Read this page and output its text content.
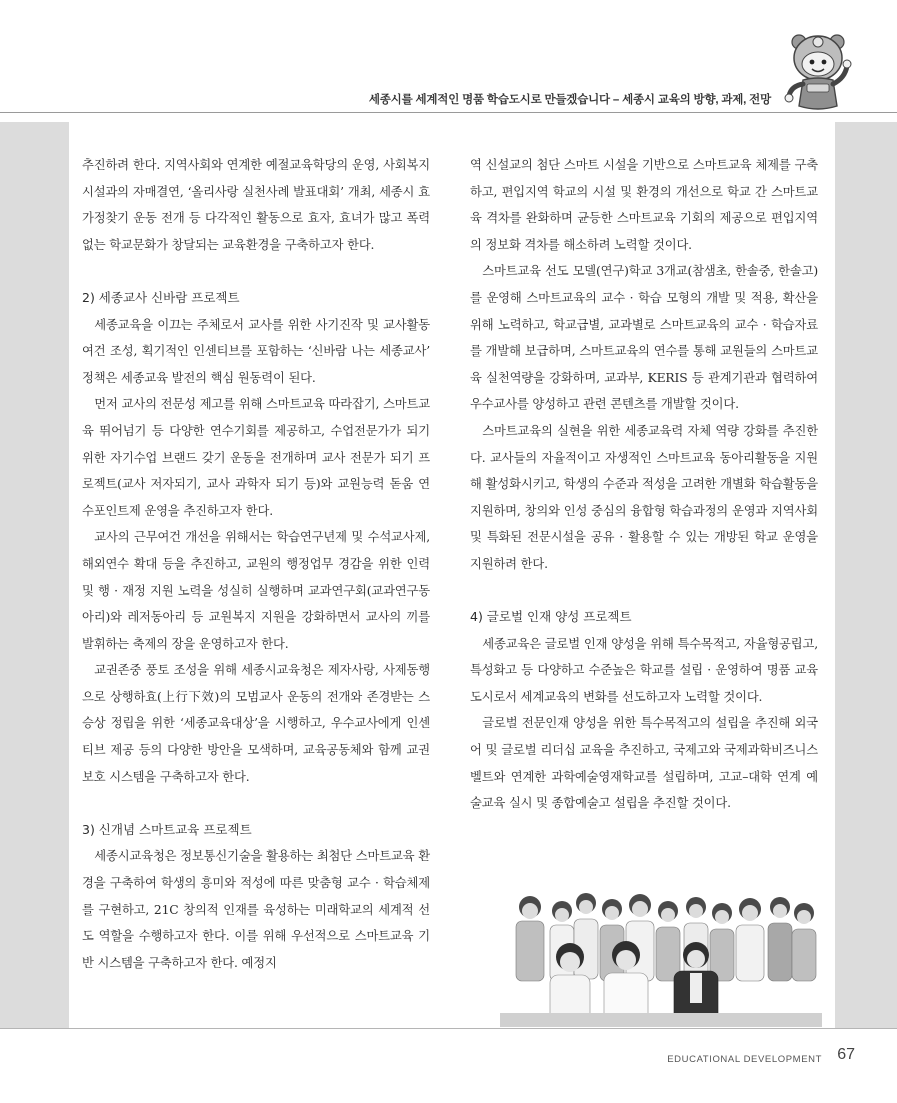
세종시를 세계적인 명품 학습도시로 만들겠습니다 – 세종시 교육의 방향, 과제, 전망

추진하려 한다. 지역사회와 연계한 예절교육학당의 운영, 사회복지시설과의 자매결연, ‘올리사랑 실천사례 발표대회’ 개최, 세종시 효가정찾기 운동 전개 등 다각적인 활동으로 효자, 효녀가 많고 폭력없는 학교문화가 창달되는 교육환경을 구축하고자 한다.

2) 세종교사 신바람 프로젝트

세종교육을 이끄는 주체로서 교사를 위한 사기진작 및 교사활동 여건 조성, 획기적인 인센티브를 포함하는 ‘신바람 나는 세종교사’ 정책은 세종교육 발전의 핵심 원동력이 된다.

먼저 교사의 전문성 제고를 위해 스마트교육 따라잡기, 스마트교육 뛰어넘기 등 다양한 연수기회를 제공하고, 수업전문가가 되기 위한 자기수업 브랜드 갖기 운동을 전개하며 교사 전문가 되기 프로젝트(교사 저자되기, 교사 과학자 되기 등)와 교원능력 돋움 연수포인트제 운영을 추진하고자 한다.

교사의 근무여건 개선을 위해서는 학습연구년제 및 수석교사제, 해외연수 확대 등을 추진하고, 교원의 행정업무 경감을 위한 인력 및 행 · 재정 지원 노력을 성실히 실행하며 교과연구회(교과연구동아리)와 레저동아리 등 교원복지 지원을 강화하면서 교사의 끼를 발휘하는 축제의 장을 운영하고자 한다.

교권존중 풍토 조성을 위해 세종시교육청은 제자사랑, 사제동행으로 상행하효(上行下效)의 모범교사 운동의 전개와 존경받는 스승상 정립을 위한 ‘세종교육대상’을 시행하고, 우수교사에게 인센티브 제공 등의 다양한 방안을 모색하며, 교육공동체와 함께 교권보호 시스템을 구축하고자 한다.

3) 신개념 스마트교육 프로젝트

세종시교육청은 정보통신기술을 활용하는 최첨단 스마트교육 환경을 구축하여 학생의 흥미와 적성에 따른 맞춤형 교수 · 학습체제를 구현하고, 21C 창의적 인재를 육성하는 미래학교의 세계적 선도 역할을 수행하고자 한다. 이를 위해 우선적으로 스마트교육 기반 시스템을 구축하고자 한다. 예정지

역 신설교의 첨단 스마트 시설을 기반으로 스마트교육 체제를 구축하고, 편입지역 학교의 시설 및 환경의 개선으로 학교 간 스마트교육 격차를 완화하며 균등한 스마트교육 기회의 제공으로 편입지역의 정보화 격차를 해소하려 노력할 것이다.

스마트교육 선도 모델(연구)학교 3개교(참샘초, 한솔중, 한솔고)를 운영해 스마트교육의 교수 · 학습 모형의 개발 및 적용, 확산을 위해 노력하고, 학교급별, 교과별로 스마트교육의 교수 · 학습자료를 개발해 보급하며, 스마트교육의 연수를 통해 교원들의 스마트교육 실천역량을 강화하며, 교과부, KERIS 등 관계기관과 협력하여 우수교사를 양성하고 관련 콘텐츠를 개발할 것이다.

스마트교육의 실현을 위한 세종교육력 자체 역량 강화를 추진한다. 교사들의 자율적이고 자생적인 스마트교육 동아리활동을 지원해 활성화시키고, 학생의 수준과 적성을 고려한 개별화 학습활동을 지원하며, 창의와 인성 중심의 융합형 학습과정의 운영과 지역사회 및 특화된 전문시설을 공유 · 활용할 수 있는 개방된 학교 운영을 지원하려 한다.

4) 글로벌 인재 양성 프로젝트

세종교육은 글로벌 인재 양성을 위해 특수목적고, 자율형공립고, 특성화고 등 다양하고 수준높은 학교를 설립 · 운영하여 명품 교육도시로서 세계교육의 변화를 선도하고자 노력할 것이다.

글로벌 전문인재 양성을 위한 특수목적고의 설립을 추진해 외국어 및 글로벌 리더십 교육을 추진하고, 국제고와 국제과학비즈니스 벨트와 연계한 과학예술영재학교를 설립하며, 고교–대학 연계 예술교육 실시 및 종합예술고 설립을 추진할 것이다.

EDUCATIONAL DEVELOPMENT 67
